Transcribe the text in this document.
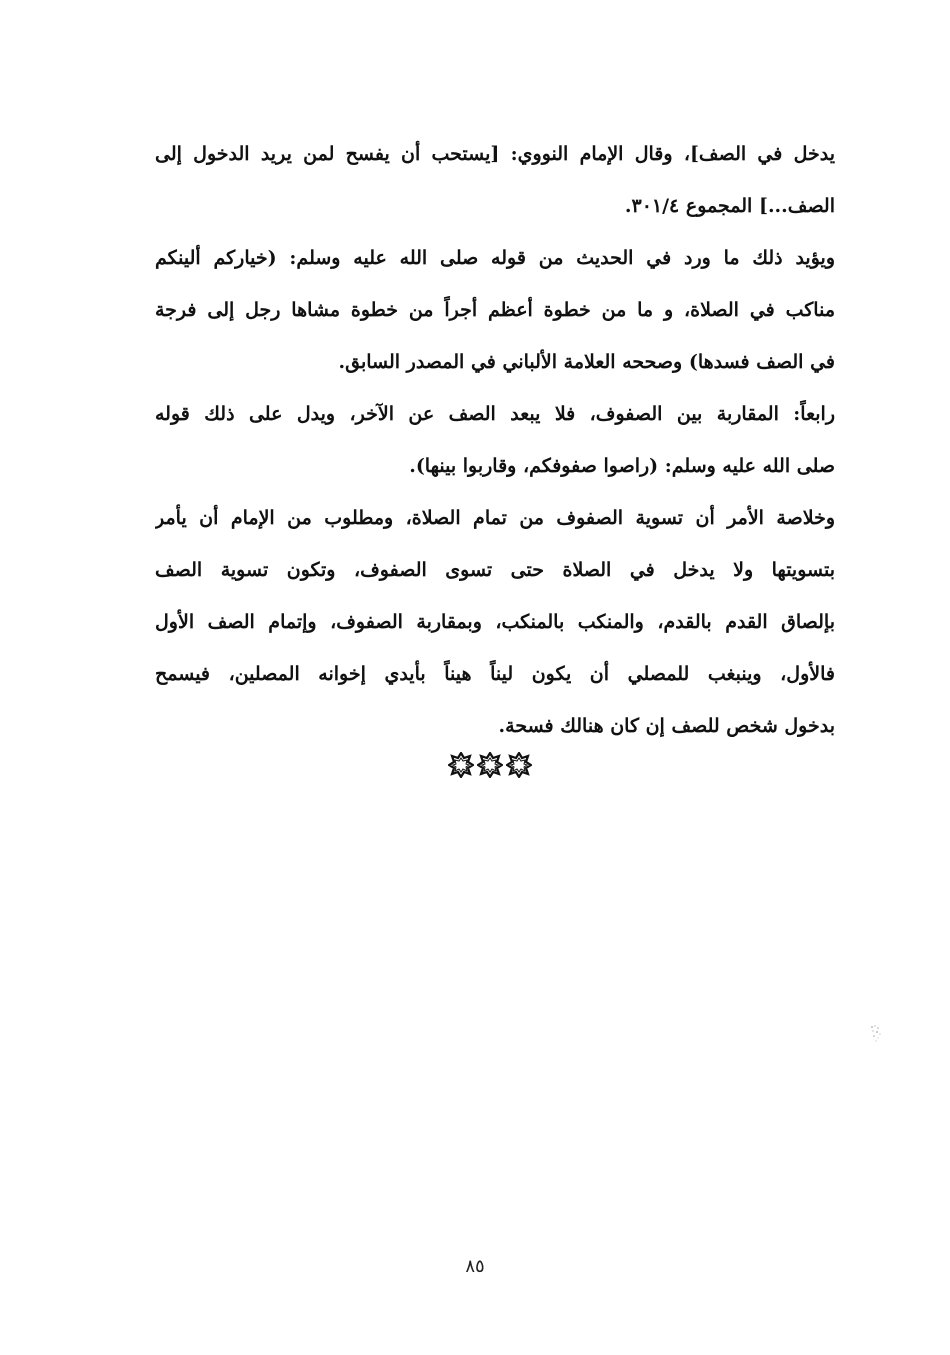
يدخل في الصف]، وقال الإمام النووي: [يستحب أن يفسح لمن يريد الدخول إلى
الصف...] المجموع ٣٠١/٤.
ويؤيد ذلك ما ورد في الحديث من قوله صلى الله عليه وسلم: (خياركم ألينكم
مناكب في الصلاة، و ما من خطوة أعظم أجراً من خطوة مشاها رجل إلى فرجة
في الصف فسدها) وصححه العلامة الألباني في المصدر السابق.
رابعاً: المقاربة بين الصفوف، فلا يبعد الصف عن الآخر، ويدل على ذلك قوله
صلى الله عليه وسلم: (راصوا صفوفكم، وقاربوا بينها).
وخلاصة الأمر أن تسوية الصفوف من تمام الصلاة، ومطلوب من الإمام أن يأمر
بتسويتها ولا يدخل في الصلاة حتى تسوى الصفوف، وتكون تسوية الصف
بإلصاق القدم بالقدم، والمنكب بالمنكب، وبمقاربة الصفوف، وإتمام الصف الأول
فالأول، وينبغب للمصلي أن يكون ليناً هيناً بأيدي إخوانه المصلين، فيسمح
بدخول شخص للصف إن كان هنالك فسحة.
٨٥
